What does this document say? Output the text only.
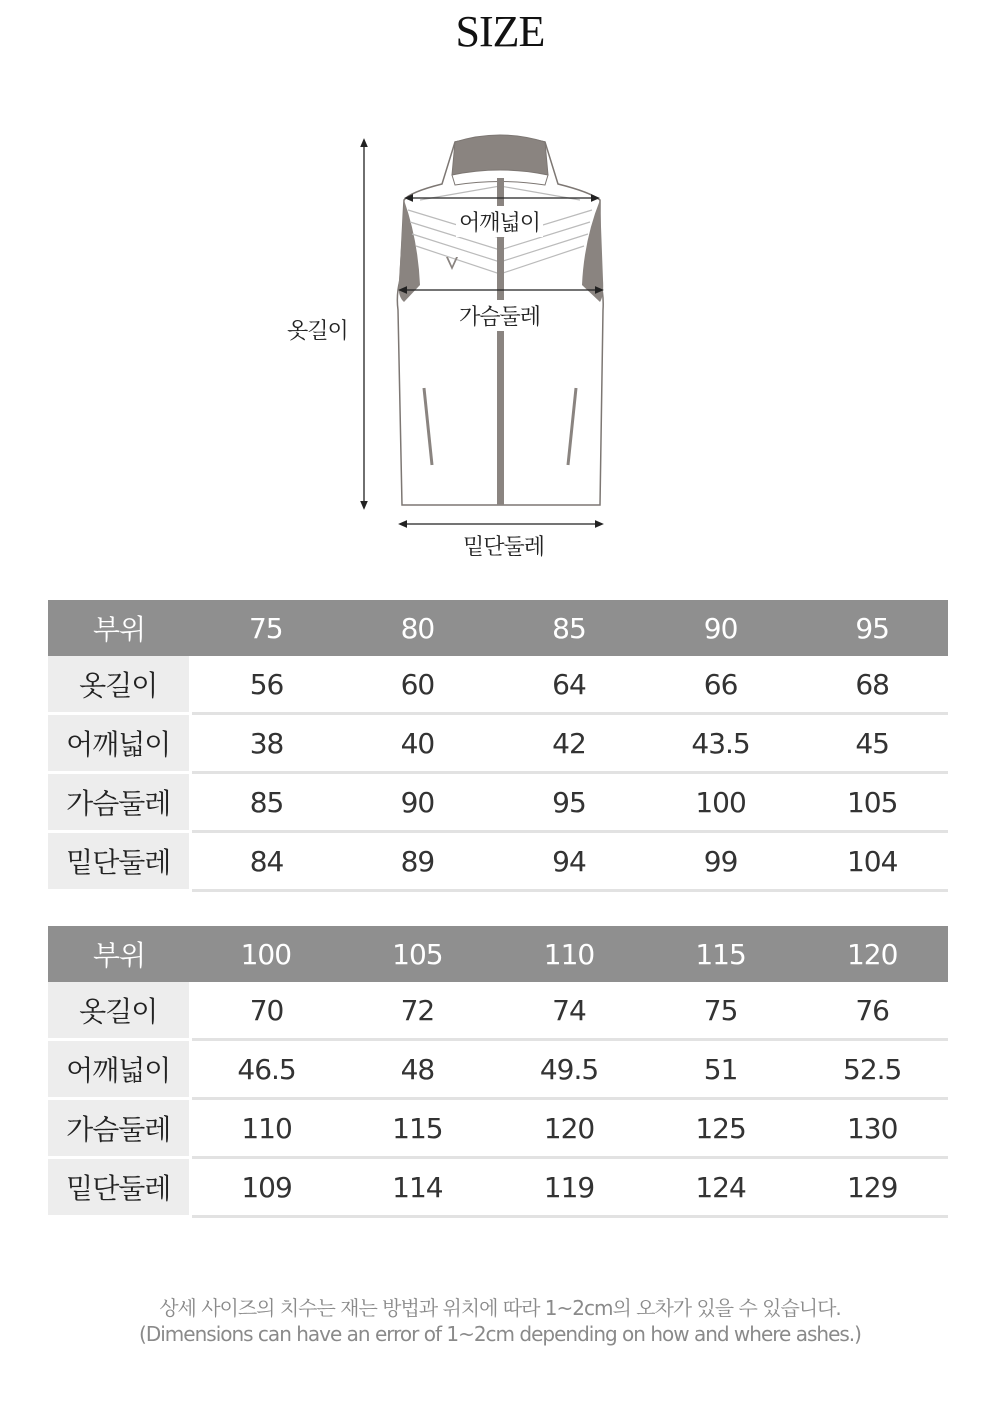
SIZE
어깨넓이
가슴둘레
옷길이
밑단둘레
부위	75	80	85	90	95
옷길이	56	60	64	66	68
어깨넓이	38	40	42	43.5	45
가슴둘레	85	90	95	100	105
밑단둘레	84	89	94	99	104
부위	100	105	110	115	120
옷길이	70	72	74	75	76
어깨넓이	46.5	48	49.5	51	52.5
가슴둘레	110	115	120	125	130
밑단둘레	109	114	119	124	129
상세 사이즈의 치수는 재는 방법과 위치에 따라 1~2cm의 오차가 있을 수 있습니다.
(Dimensions can have an error of 1~2cm depending on how and where ashes.)
